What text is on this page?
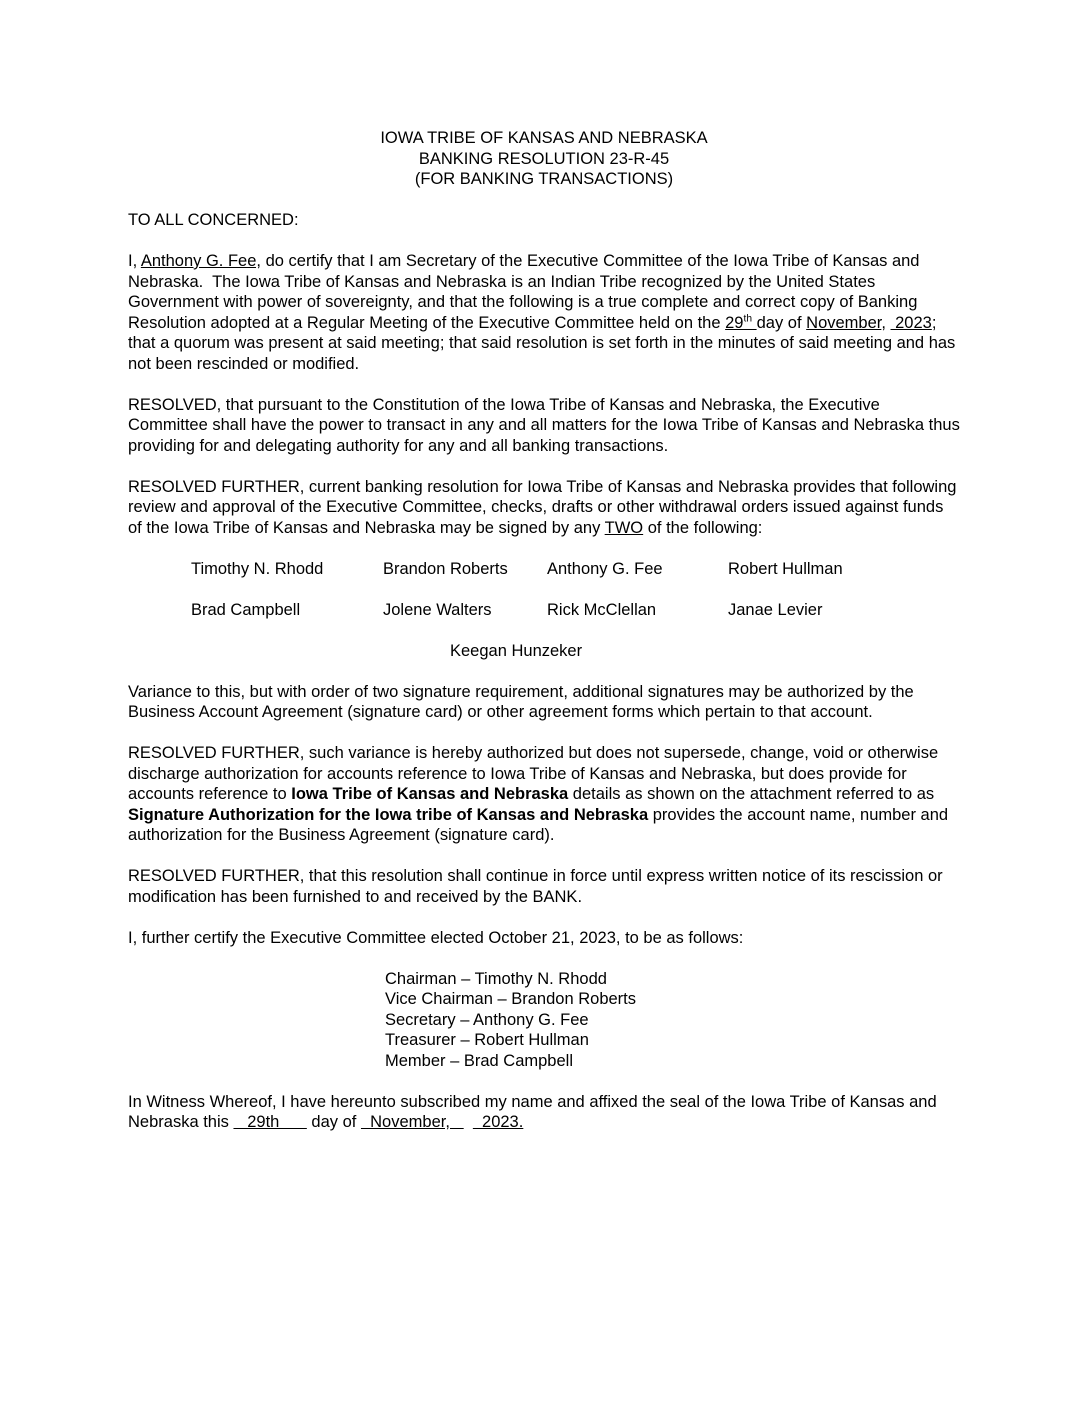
IOWA TRIBE OF KANSAS AND NEBRASKA
BANKING RESOLUTION 23-R-45
(FOR BANKING TRANSACTIONS)

TO ALL CONCERNED:

I, Anthony G. Fee, do certify that I am Secretary of the Executive Committee of the Iowa Tribe of Kansas and Nebraska.  The Iowa Tribe of Kansas and Nebraska is an Indian Tribe recognized by the United States Government with power of sovereignty, and that the following is a true complete and correct copy of Banking Resolution adopted at a Regular Meeting of the Executive Committee held on the 29th day of November,  2023; that a quorum was present at said meeting; that said resolution is set forth in the minutes of said meeting and has not been rescinded or modified.

RESOLVED, that pursuant to the Constitution of the Iowa Tribe of Kansas and Nebraska, the Executive Committee shall have the power to transact in any and all matters for the Iowa Tribe of Kansas and Nebraska thus providing for and delegating authority for any and all banking transactions.

RESOLVED FURTHER, current banking resolution for Iowa Tribe of Kansas and Nebraska provides that following review and approval of the Executive Committee, checks, drafts or other withdrawal orders issued against funds of the Iowa Tribe of Kansas and Nebraska may be signed by any TWO of the following:

Timothy N. Rhodd	Brandon Roberts	Anthony G. Fee	Robert Hullman
Brad Campbell	Jolene Walters	Rick McClellan	Janae Levier

Keegan Hunzeker

Variance to this, but with order of two signature requirement, additional signatures may be authorized by the Business Account Agreement (signature card) or other agreement forms which pertain to that account.

RESOLVED FURTHER, such variance is hereby authorized but does not supersede, change, void or otherwise discharge authorization for accounts reference to Iowa Tribe of Kansas and Nebraska, but does provide for accounts reference to Iowa Tribe of Kansas and Nebraska details as shown on the attachment referred to as Signature Authorization for the Iowa tribe of Kansas and Nebraska provides the account name, number and authorization for the Business Agreement (signature card).

RESOLVED FURTHER, that this resolution shall continue in force until express written notice of its rescission or modification has been furnished to and received by the BANK.

I, further certify the Executive Committee elected October 21, 2023, to be as follows:

Chairman – Timothy N. Rhodd
Vice Chairman – Brandon Roberts
Secretary – Anthony G. Fee
Treasurer – Robert Hullman
Member – Brad Campbell

In Witness Whereof, I have hereunto subscribed my name and affixed the seal of the Iowa Tribe of Kansas and Nebraska this    29th       day of   November,       2023.
